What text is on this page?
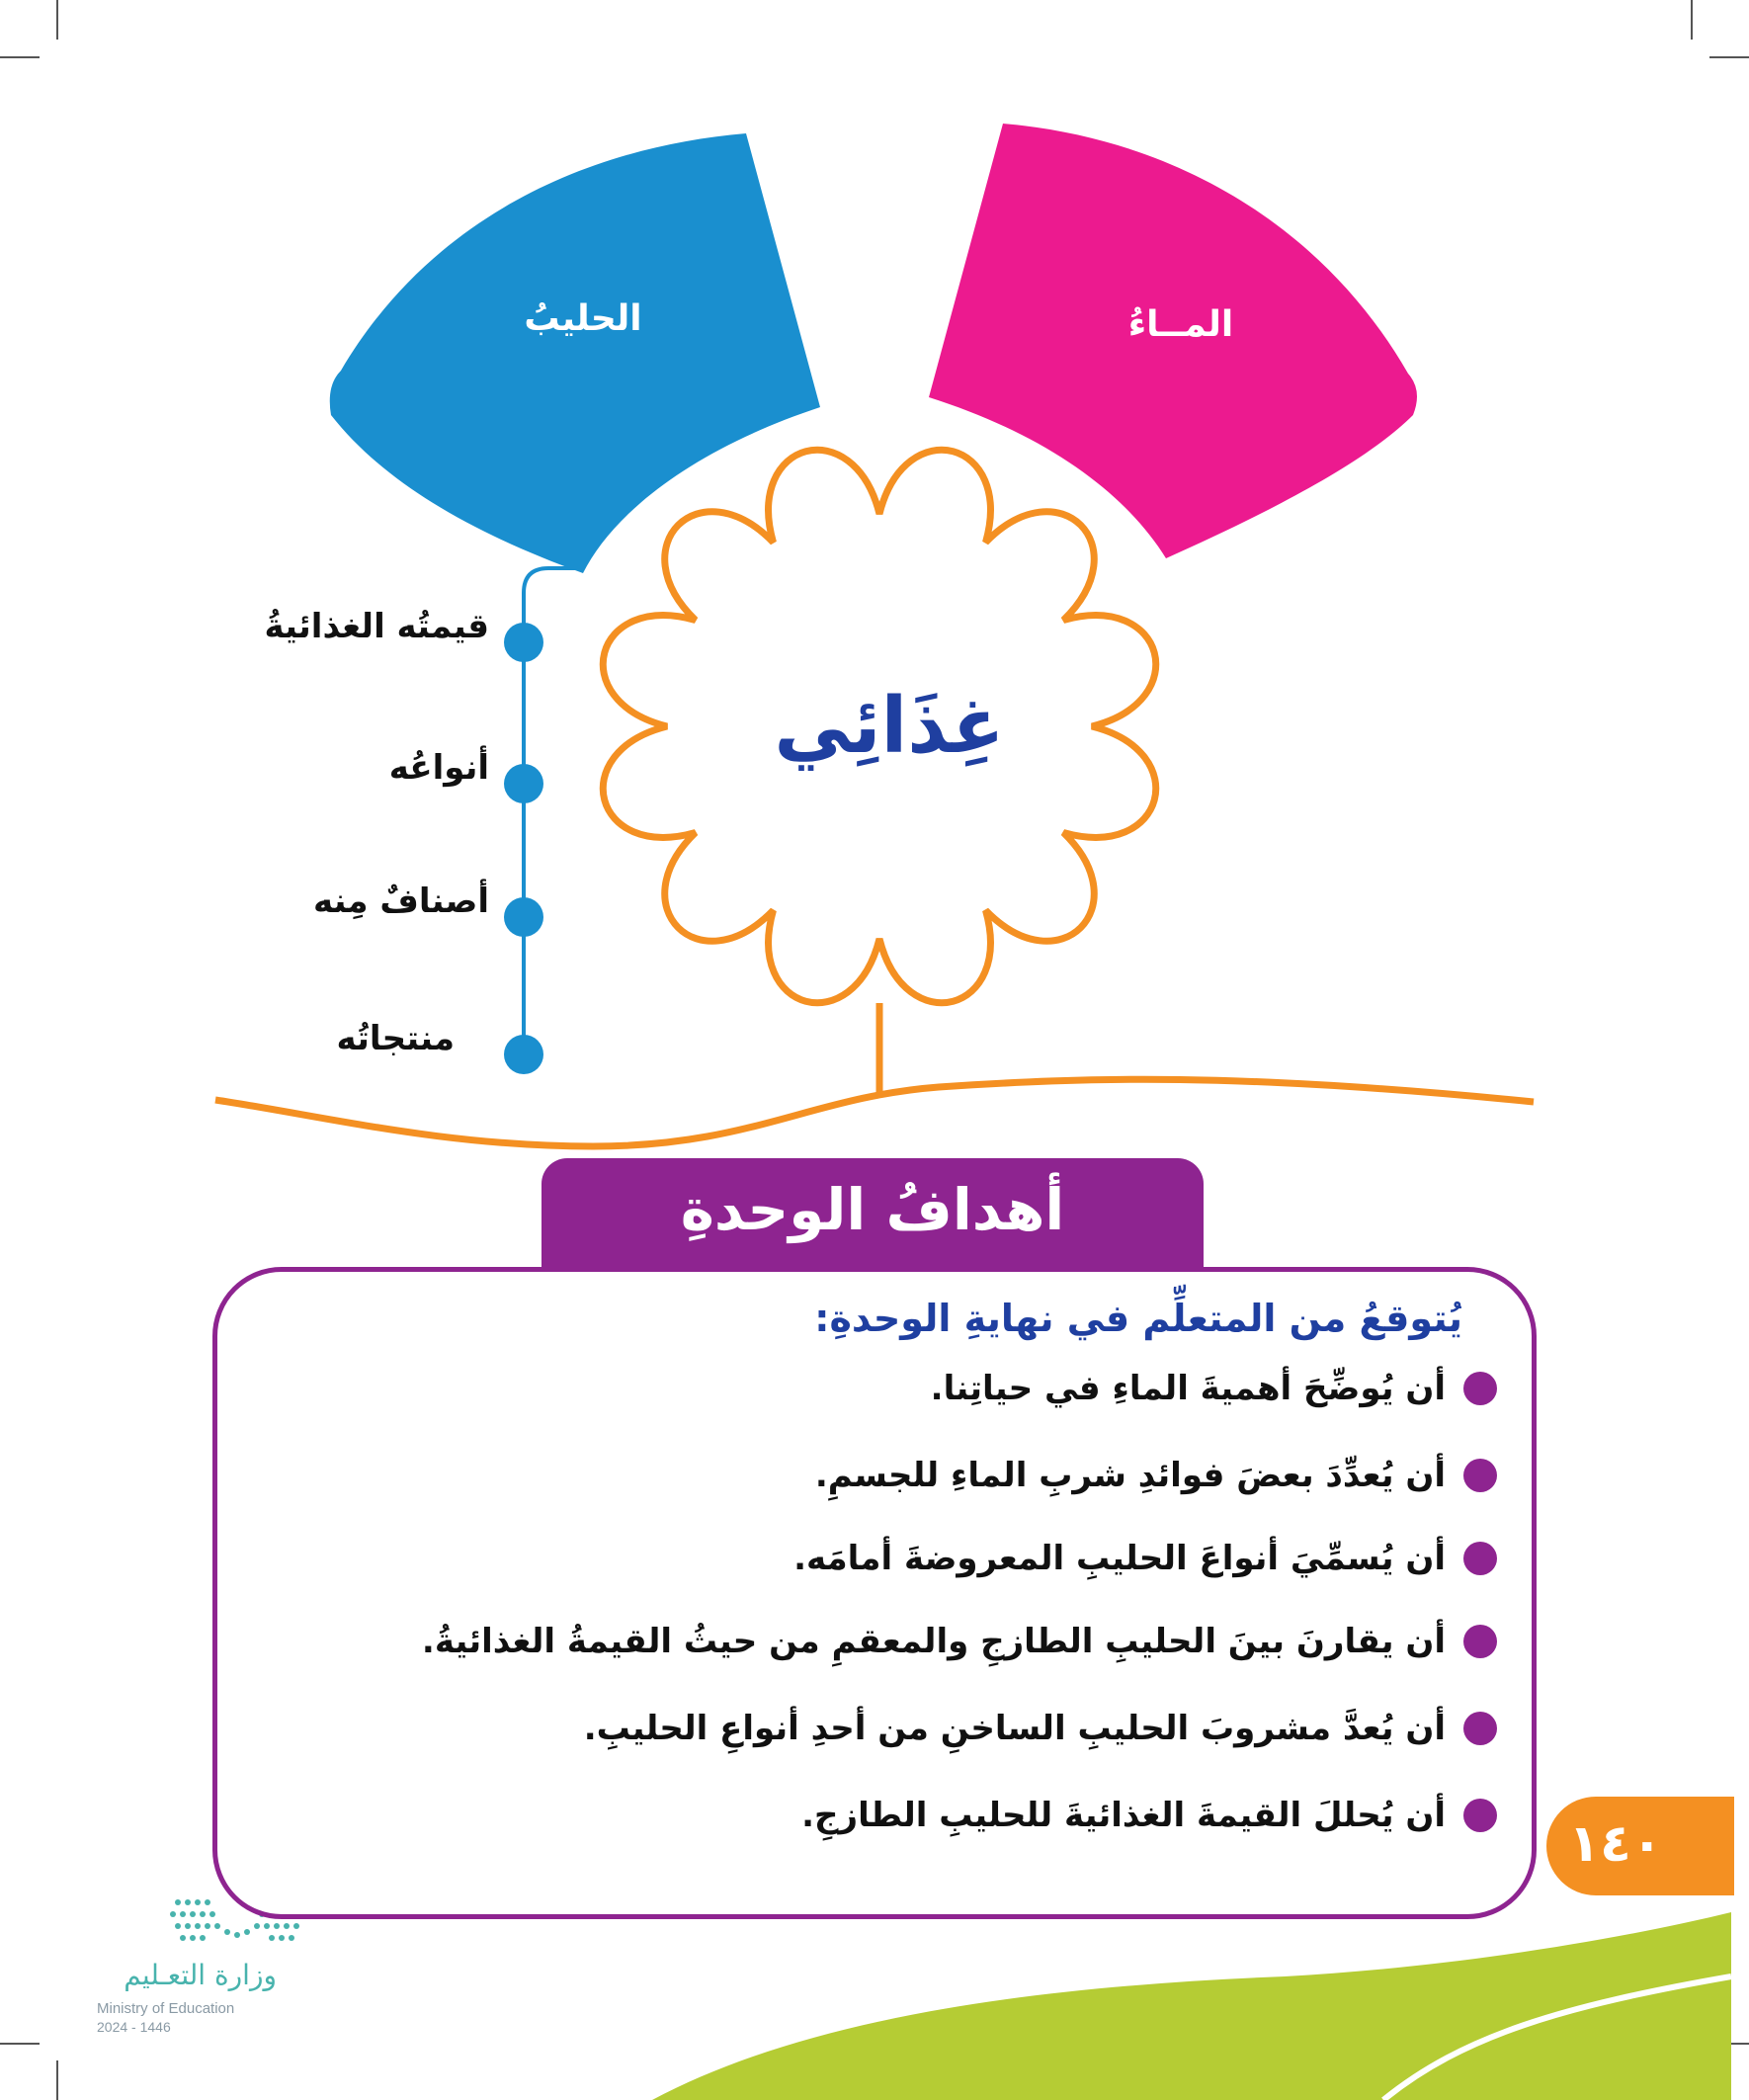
الحليبُ	المــاءُ
غِذَائِي
قيمتُه الغذائيةُ
أنواعُه
أصنافٌ مِنه
منتجاتُه
أهدافُ الوحدةِ
يُتوقعُ من المتعلِّم في نهايةِ الوحدةِ:
أن يُوضِّحَ أهميةَ الماءِ في حياتِنا.
أن يُعدِّدَ بعضَ فوائدِ شربِ الماءِ للجسمِ.
أن يُسمِّيَ أنواعَ الحليبِ المعروضةَ أمامَه.
أن يقارنَ بينَ الحليبِ الطازجِ والمعقمِ من حيثُ القيمةُ الغذائيةُ.
أن يُعدَّ مشروبَ الحليبِ الساخنِ من أحدِ أنواعِ الحليبِ.
أن يُحللَ القيمةَ الغذائيةَ للحليبِ الطازجِ.	١٤٠
وزارة التعـليم
Ministry of Education
2024 - 1446
